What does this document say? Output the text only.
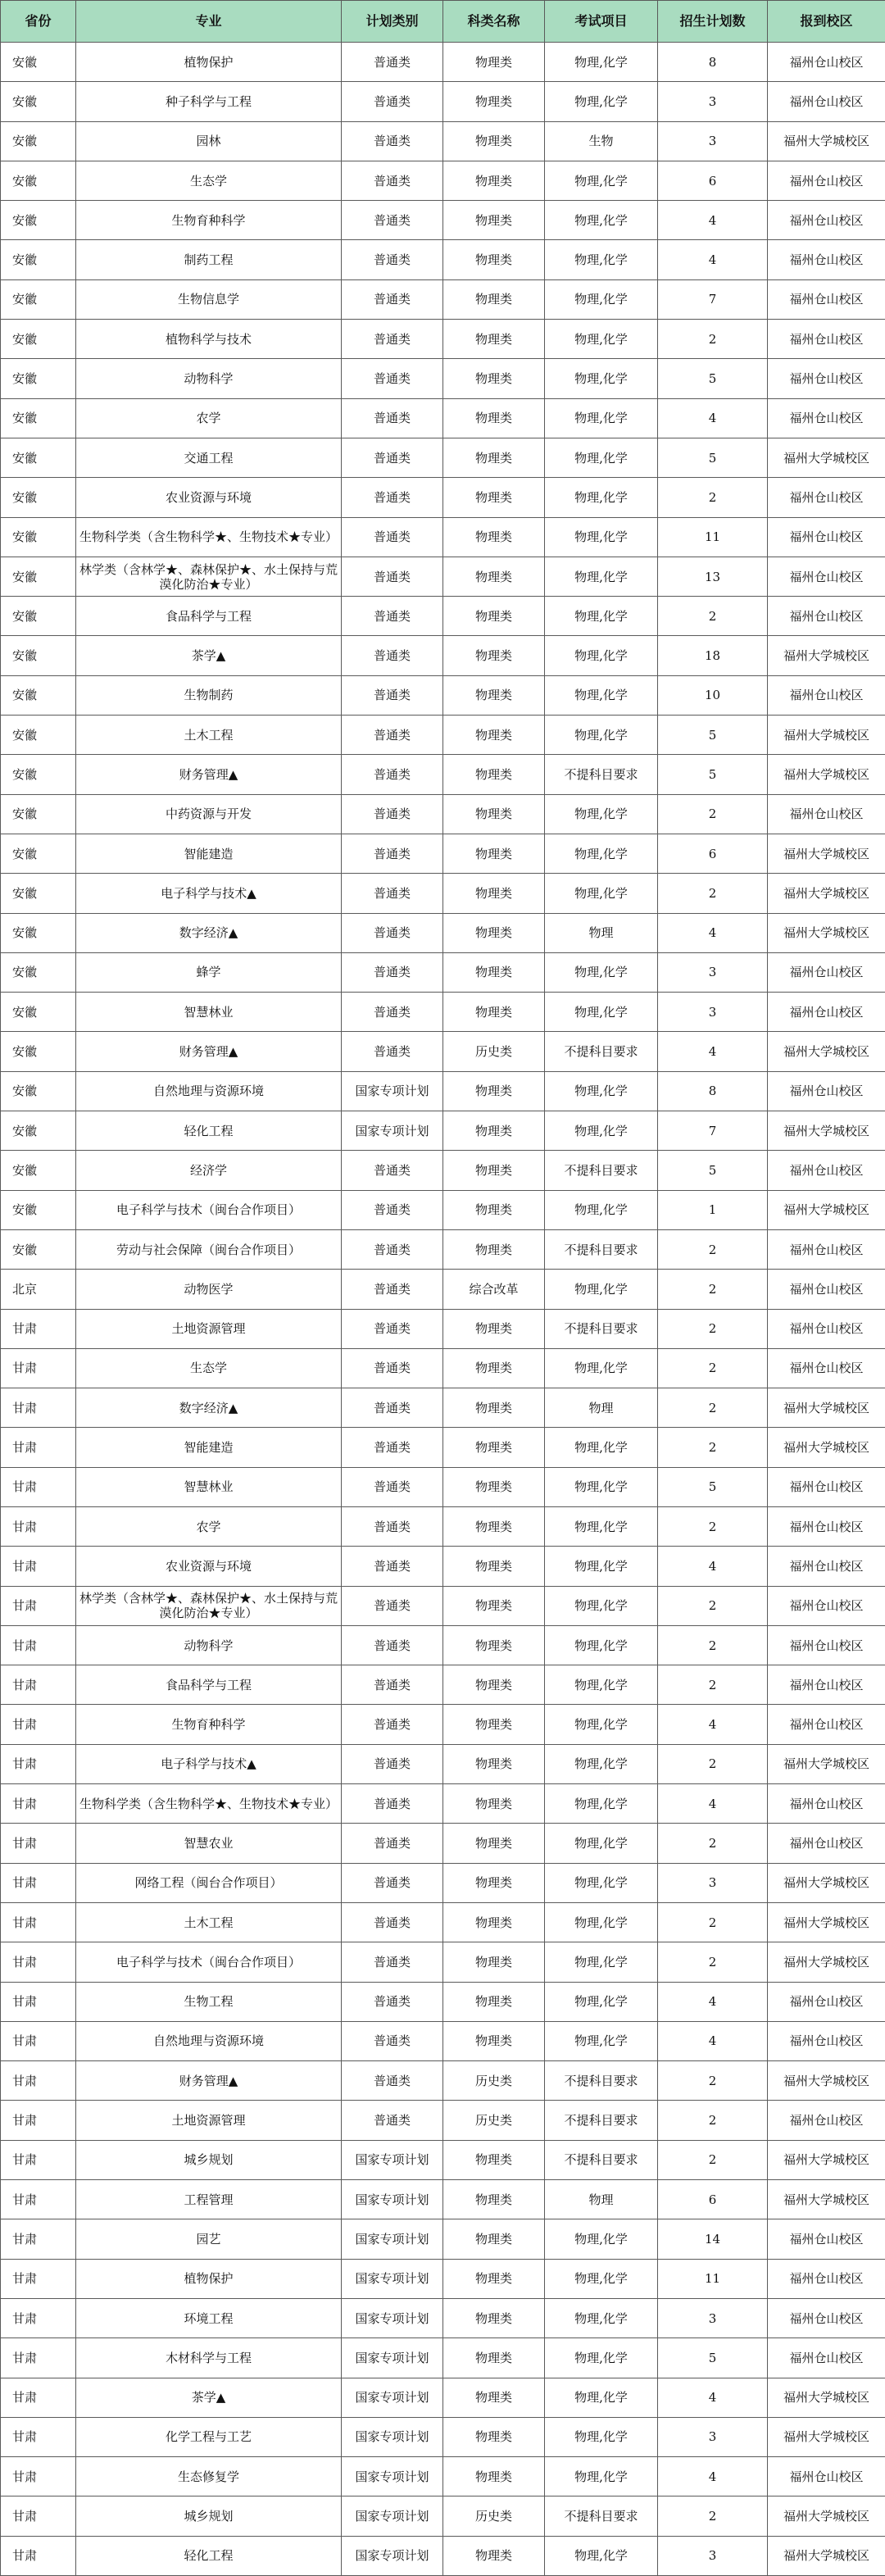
省份	专业	计划类别	科类名称	考试项目	招生计划数	报到校区
安徽	植物保护	普通类	物理类	物理,化学	8	福州仓山校区
安徽	种子科学与工程	普通类	物理类	物理,化学	3	福州仓山校区
安徽	园林	普通类	物理类	生物	3	福州大学城校区
安徽	生态学	普通类	物理类	物理,化学	6	福州仓山校区
安徽	生物育种科学	普通类	物理类	物理,化学	4	福州仓山校区
安徽	制药工程	普通类	物理类	物理,化学	4	福州仓山校区
安徽	生物信息学	普通类	物理类	物理,化学	7	福州仓山校区
安徽	植物科学与技术	普通类	物理类	物理,化学	2	福州仓山校区
安徽	动物科学	普通类	物理类	物理,化学	5	福州仓山校区
安徽	农学	普通类	物理类	物理,化学	4	福州仓山校区
安徽	交通工程	普通类	物理类	物理,化学	5	福州大学城校区
安徽	农业资源与环境	普通类	物理类	物理,化学	2	福州仓山校区
安徽	生物科学类（含生物科学★、生物技术★专业）	普通类	物理类	物理,化学	11	福州仓山校区
安徽	林学类（含林学★、森林保护★、水土保持与荒漠化防治★专业）	普通类	物理类	物理,化学	13	福州仓山校区
安徽	食品科学与工程	普通类	物理类	物理,化学	2	福州仓山校区
安徽	茶学▲	普通类	物理类	物理,化学	18	福州大学城校区
安徽	生物制药	普通类	物理类	物理,化学	10	福州仓山校区
安徽	土木工程	普通类	物理类	物理,化学	5	福州大学城校区
安徽	财务管理▲	普通类	物理类	不提科目要求	5	福州大学城校区
安徽	中药资源与开发	普通类	物理类	物理,化学	2	福州仓山校区
安徽	智能建造	普通类	物理类	物理,化学	6	福州大学城校区
安徽	电子科学与技术▲	普通类	物理类	物理,化学	2	福州大学城校区
安徽	数字经济▲	普通类	物理类	物理	4	福州大学城校区
安徽	蜂学	普通类	物理类	物理,化学	3	福州仓山校区
安徽	智慧林业	普通类	物理类	物理,化学	3	福州仓山校区
安徽	财务管理▲	普通类	历史类	不提科目要求	4	福州大学城校区
安徽	自然地理与资源环境	国家专项计划	物理类	物理,化学	8	福州仓山校区
安徽	轻化工程	国家专项计划	物理类	物理,化学	7	福州大学城校区
安徽	经济学	普通类	物理类	不提科目要求	5	福州仓山校区
安徽	电子科学与技术（闽台合作项目）	普通类	物理类	物理,化学	1	福州大学城校区
安徽	劳动与社会保障（闽台合作项目）	普通类	物理类	不提科目要求	2	福州仓山校区
北京	动物医学	普通类	综合改革	物理,化学	2	福州仓山校区
甘肃	土地资源管理	普通类	物理类	不提科目要求	2	福州仓山校区
甘肃	生态学	普通类	物理类	物理,化学	2	福州仓山校区
甘肃	数字经济▲	普通类	物理类	物理	2	福州大学城校区
甘肃	智能建造	普通类	物理类	物理,化学	2	福州大学城校区
甘肃	智慧林业	普通类	物理类	物理,化学	5	福州仓山校区
甘肃	农学	普通类	物理类	物理,化学	2	福州仓山校区
甘肃	农业资源与环境	普通类	物理类	物理,化学	4	福州仓山校区
甘肃	林学类（含林学★、森林保护★、水土保持与荒漠化防治★专业）	普通类	物理类	物理,化学	2	福州仓山校区
甘肃	动物科学	普通类	物理类	物理,化学	2	福州仓山校区
甘肃	食品科学与工程	普通类	物理类	物理,化学	2	福州仓山校区
甘肃	生物育种科学	普通类	物理类	物理,化学	4	福州仓山校区
甘肃	电子科学与技术▲	普通类	物理类	物理,化学	2	福州大学城校区
甘肃	生物科学类（含生物科学★、生物技术★专业）	普通类	物理类	物理,化学	4	福州仓山校区
甘肃	智慧农业	普通类	物理类	物理,化学	2	福州仓山校区
甘肃	网络工程（闽台合作项目）	普通类	物理类	物理,化学	3	福州大学城校区
甘肃	土木工程	普通类	物理类	物理,化学	2	福州大学城校区
甘肃	电子科学与技术（闽台合作项目）	普通类	物理类	物理,化学	2	福州大学城校区
甘肃	生物工程	普通类	物理类	物理,化学	4	福州仓山校区
甘肃	自然地理与资源环境	普通类	物理类	物理,化学	4	福州仓山校区
甘肃	财务管理▲	普通类	历史类	不提科目要求	2	福州大学城校区
甘肃	土地资源管理	普通类	历史类	不提科目要求	2	福州仓山校区
甘肃	城乡规划	国家专项计划	物理类	不提科目要求	2	福州大学城校区
甘肃	工程管理	国家专项计划	物理类	物理	6	福州大学城校区
甘肃	园艺	国家专项计划	物理类	物理,化学	14	福州仓山校区
甘肃	植物保护	国家专项计划	物理类	物理,化学	11	福州仓山校区
甘肃	环境工程	国家专项计划	物理类	物理,化学	3	福州仓山校区
甘肃	木材科学与工程	国家专项计划	物理类	物理,化学	5	福州仓山校区
甘肃	茶学▲	国家专项计划	物理类	物理,化学	4	福州大学城校区
甘肃	化学工程与工艺	国家专项计划	物理类	物理,化学	3	福州大学城校区
甘肃	生态修复学	国家专项计划	物理类	物理,化学	4	福州仓山校区
甘肃	城乡规划	国家专项计划	历史类	不提科目要求	2	福州大学城校区
甘肃	轻化工程	国家专项计划	物理类	物理,化学	3	福州大学城校区
